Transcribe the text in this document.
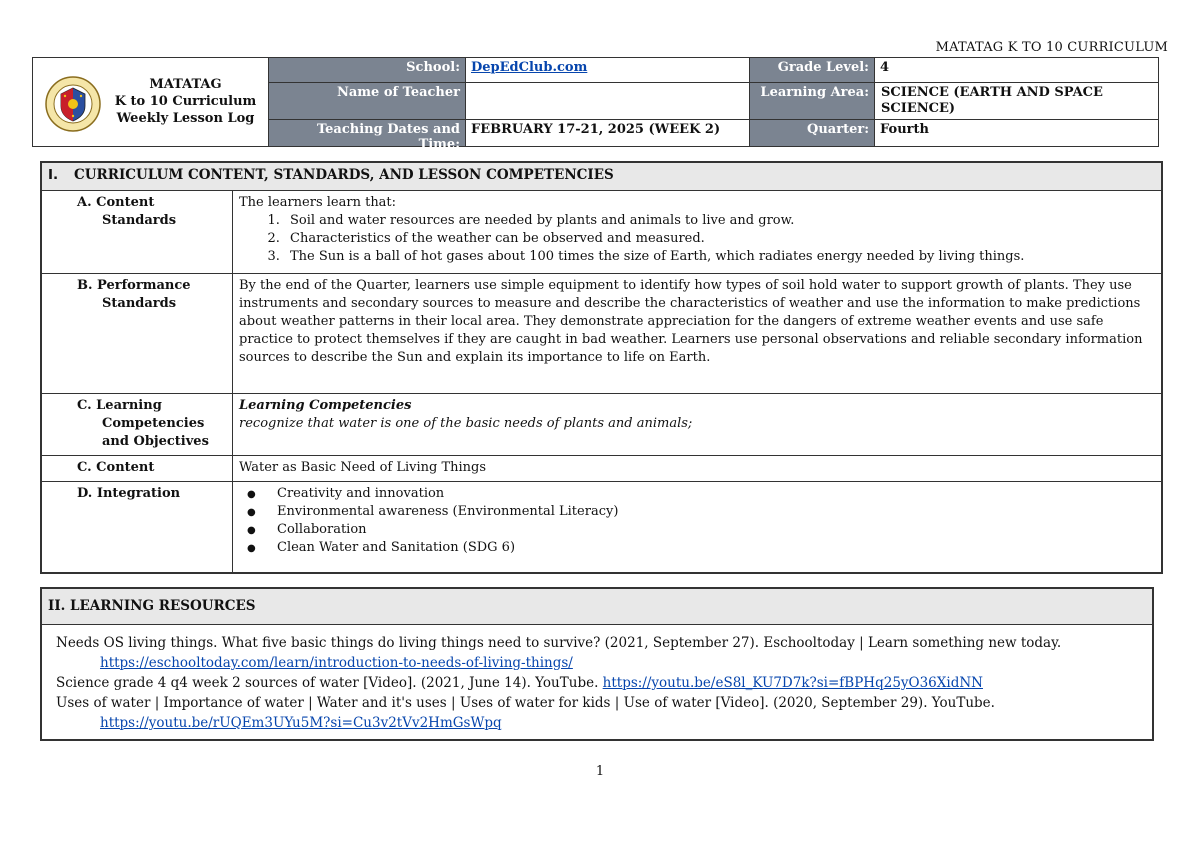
MATATAG K TO 10 CURRICULUM
MATATAG
K to 10 Curriculum
Weekly Lesson Log
School: DepEdClub.com	Grade Level: 4
Name of Teacher	Learning Area: SCIENCE (EARTH AND SPACE SCIENCE)
Teaching Dates and Time:
FEBRUARY 17-21, 2025 (WEEK 2)	Quarter: Fourth
I. CURRICULUM CONTENT, STANDARDS, AND LESSON COMPETENCIES
A. Content
Standards
The learners learn that:
1. Soil and water resources are needed by plants and animals to live and grow.
2. Characteristics of the weather can be observed and measured.
3. The Sun is a ball of hot gases about 100 times the size of Earth, which radiates energy needed by living things.
B. Performance
Standards
By the end of the Quarter, learners use simple equipment to identify how types of soil hold water to support growth of plants. They use instruments and secondary sources to measure and describe the characteristics of weather and use the information to make predictions about weather patterns in their local area. They demonstrate appreciation for the dangers of extreme weather events and use safe practice to protect themselves if they are caught in bad weather. Learners use personal observations and reliable secondary information sources to describe the Sun and explain its importance to life on Earth.
C. Learning
Competencies
and Objectives
Learning Competencies
recognize that water is one of the basic needs of plants and animals;
C. Content	Water as Basic Need of Living Things
D. Integration
●	Creativity and innovation
● Environmental awareness (Environmental Literacy)
● Collaboration
● Clean Water and Sanitation (SDG 6)
II. LEARNING RESOURCES
Needs OS living things. What five basic things do living things need to survive? (2021, September 27). Eschooltoday | Learn something new today. https://eschooltoday.com/learn/introduction-to-needs-of-living-things/
Science grade 4 q4 week 2 sources of water [Video]. (2021, June 14). YouTube. https://youtu.be/eS8l_KU7D7k?si=fBPHq25yO36XidNN
Uses of water | Importance of water | Water and it's uses | Uses of water for kids | Use of water [Video]. (2020, September 29). YouTube. https://youtu.be/rUQEm3UYu5M?si=Cu3v2tVv2HmGsWpq
1
